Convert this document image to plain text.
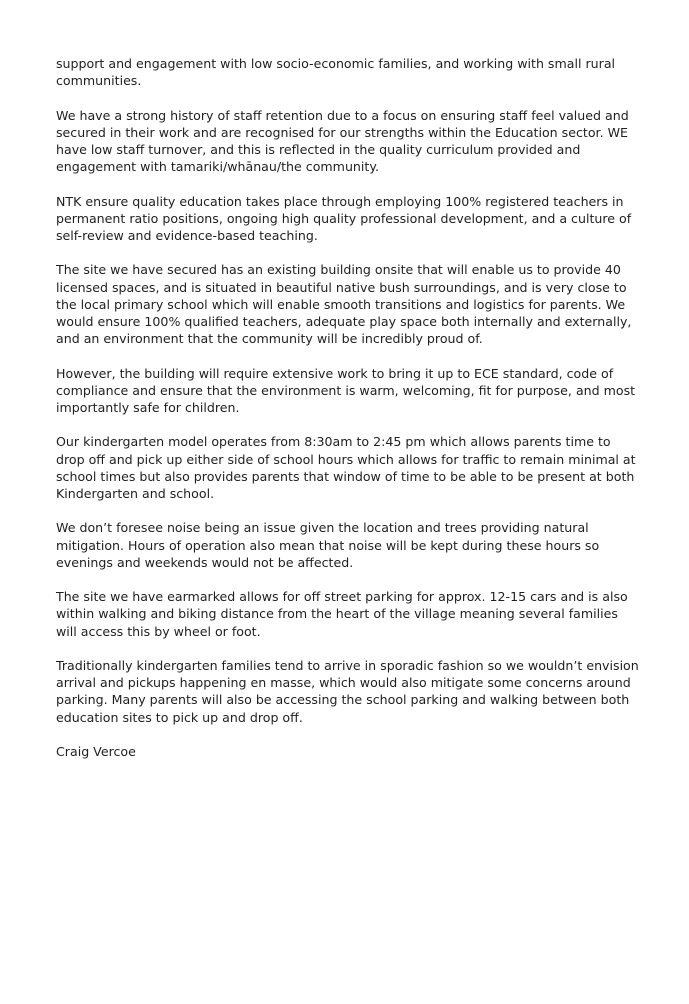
support and engagement with low socio-economic families, and working with small rural communities.

We have a strong history of staff retention due to a focus on ensuring staff feel valued and secured in their work and are recognised for our strengths within the Education sector. WE have low staff turnover, and this is reflected in the quality curriculum provided and engagement with tamariki/whānau/the community.

NTK ensure quality education takes place through employing 100% registered teachers in permanent ratio positions, ongoing high quality professional development, and a culture of self-review and evidence-based teaching.

The site we have secured has an existing building onsite that will enable us to provide 40 licensed spaces, and is situated in beautiful native bush surroundings, and is very close to the local primary school which will enable smooth transitions and logistics for parents. We would ensure 100% qualified teachers, adequate play space both internally and externally, and an environment that the community will be incredibly proud of.

However, the building will require extensive work to bring it up to ECE standard, code of compliance and ensure that the environment is warm, welcoming, fit for purpose, and most importantly safe for children.

Our kindergarten model operates from 8:30am to 2:45 pm which allows parents time to drop off and pick up either side of school hours which allows for traffic to remain minimal at school times but also provides parents that window of time to be able to be present at both Kindergarten and school.

We don’t foresee noise being an issue given the location and trees providing natural mitigation. Hours of operation also mean that noise will be kept during these hours so evenings and weekends would not be affected.

The site we have earmarked allows for off street parking for approx. 12-15 cars and is also within walking and biking distance from the heart of the village meaning several families will access this by wheel or foot.

Traditionally kindergarten families tend to arrive in sporadic fashion so we wouldn’t envision arrival and pickups happening en masse, which would also mitigate some concerns around parking. Many parents will also be accessing the school parking and walking between both education sites to pick up and drop off.

Craig Vercoe
